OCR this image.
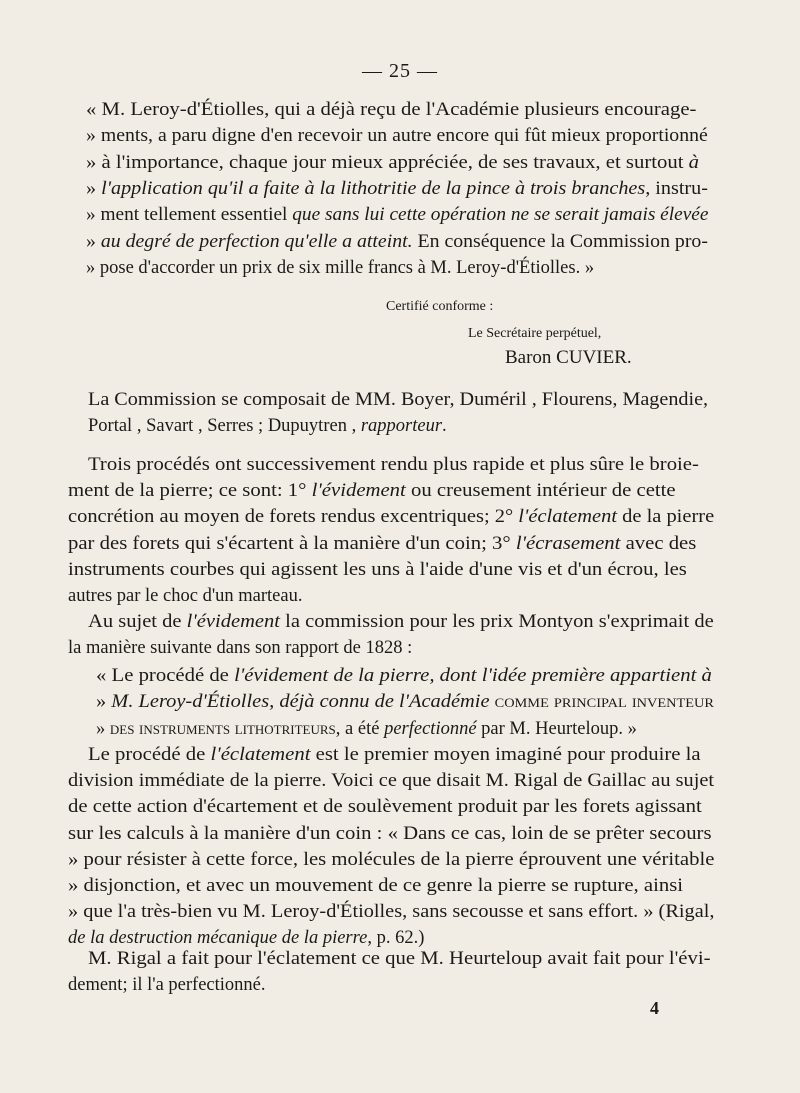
— 25 —
Certifié conforme :
Le Secrétaire perpétuel,
Baron CUVIER.
4
« M. Leroy-d'Étiolles, qui a déjà reçu de l'Académie plusieurs encourage-
» ments, a paru digne d'en recevoir un autre encore qui fût mieux proportionné
» à l'importance, chaque jour mieux appréciée, de ses travaux, et surtout à
» l'application qu'il a faite à la lithotritie de la pince à trois branches, instru-
» ment tellement essentiel que sans lui cette opération ne se serait jamais élevée
» au degré de perfection qu'elle a atteint. En conséquence la Commission pro-
» pose d'accorder un prix de six mille francs à M. Leroy-d'Étiolles. »
La Commission se composait de MM. Boyer, Duméril , Flourens, Magendie,
Portal , Savart , Serres ; Dupuytren , rapporteur.
Trois procédés ont successivement rendu plus rapide et plus sûre le broie-
ment de la pierre; ce sont: 1° l'évidement ou creusement intérieur de cette
concrétion au moyen de forets rendus excentriques; 2° l'éclatement de la pierre
par des forets qui s'écartent à la manière d'un coin; 3° l'écrasement avec des
instruments courbes qui agissent les uns à l'aide d'une vis et d'un écrou, les
autres par le choc d'un marteau.
Au sujet de l'évidement la commission pour les prix Montyon s'exprimait de
la manière suivante dans son rapport de 1828 :
« Le procédé de l'évidement de la pierre, dont l'idée première appartient à
» M. Leroy-d'Étiolles, déjà connu de l'Académie comme principal inventeur
» des instruments lithotriteurs, a été perfectionné par M. Heurteloup. »
Le procédé de l'éclatement est le premier moyen imaginé pour produire la
division immédiate de la pierre. Voici ce que disait M. Rigal de Gaillac au sujet
de cette action d'écartement et de soulèvement produit par les forets agissant
sur les calculs à la manière d'un coin : « Dans ce cas, loin de se prêter secours
» pour résister à cette force, les molécules de la pierre éprouvent une véritable
» disjonction, et avec un mouvement de ce genre la pierre se rupture, ainsi
» que l'a très-bien vu M. Leroy-d'Étiolles, sans secousse et sans effort. » (Rigal,
de la destruction mécanique de la pierre, p. 62.)
M. Rigal a fait pour l'éclatement ce que M. Heurteloup avait fait pour l'évi-
dement; il l'a perfectionné.
